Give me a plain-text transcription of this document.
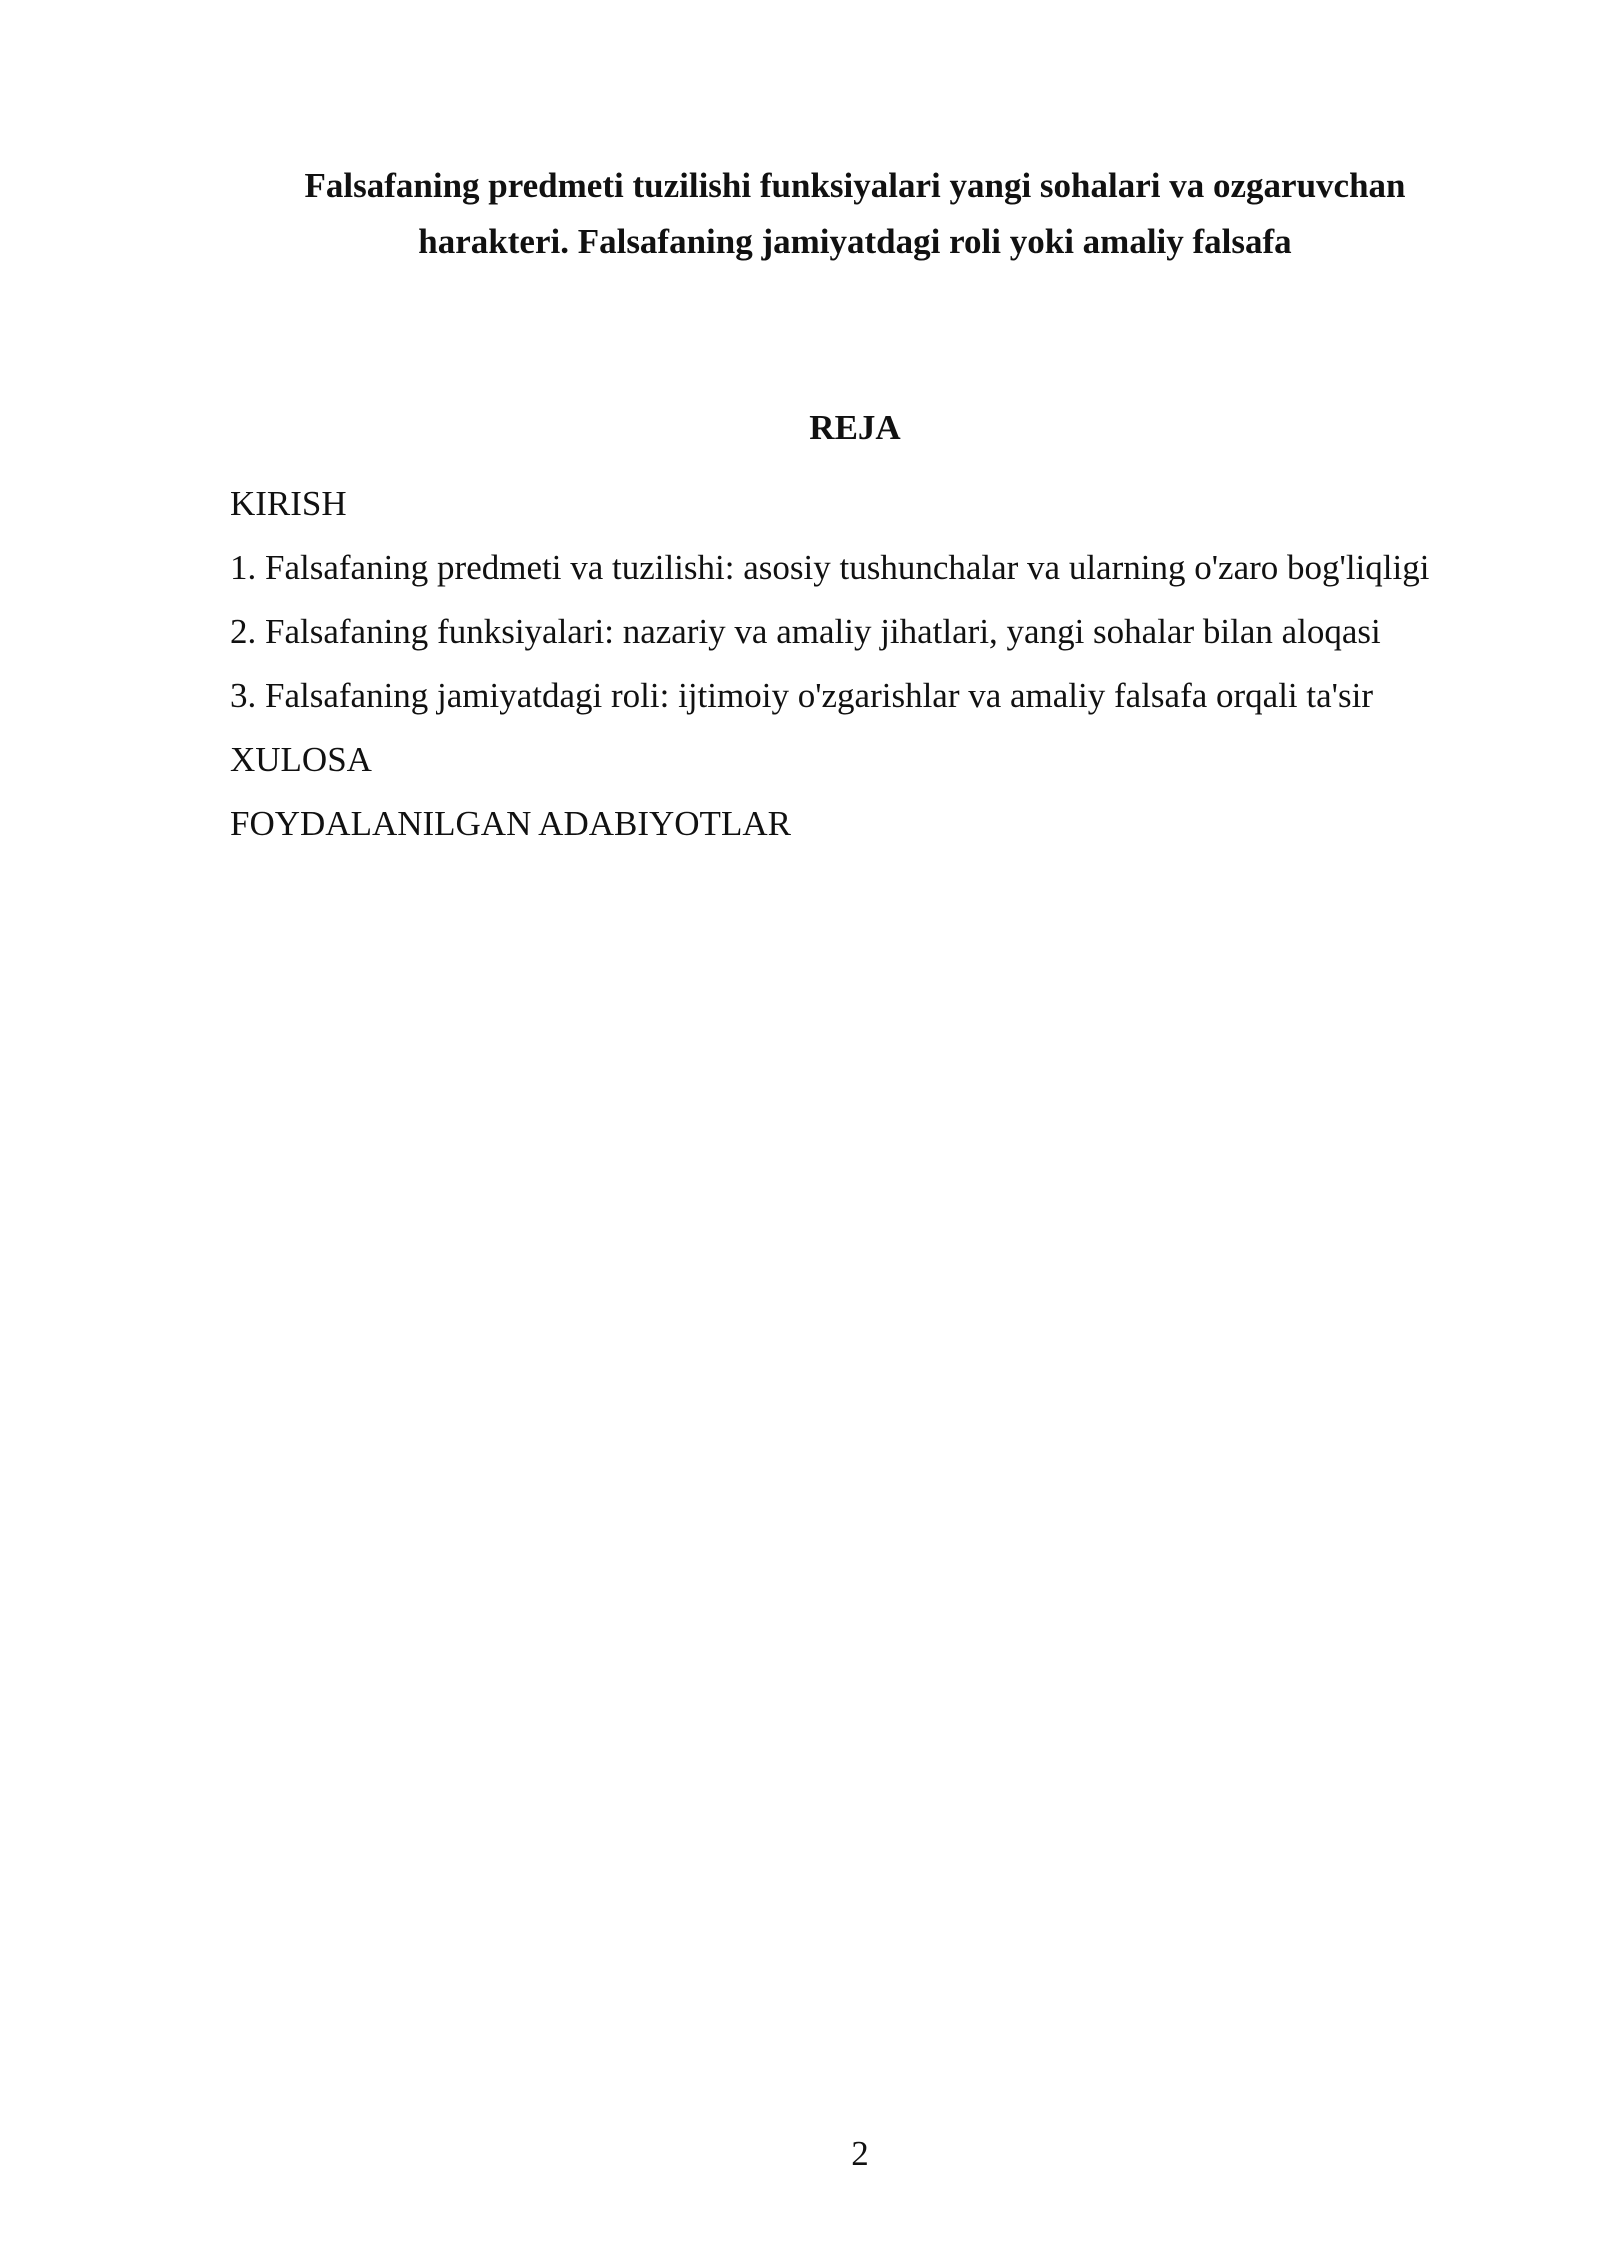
Falsafaning predmeti tuzilishi funksiyalari yangi sohalari va ozgaruvchan
harakteri. Falsafaning jamiyatdagi roli yoki amaliy falsafa
REJA
KIRISH
1. Falsafaning predmeti va tuzilishi: asosiy tushunchalar va ularning o'zaro bog'liqligi
2. Falsafaning funksiyalari: nazariy va amaliy jihatlari, yangi sohalar bilan aloqasi
3. Falsafaning jamiyatdagi roli: ijtimoiy o'zgarishlar va amaliy falsafa orqali ta'sir
XULOSA
FOYDALANILGAN ADABIYOTLAR
2
